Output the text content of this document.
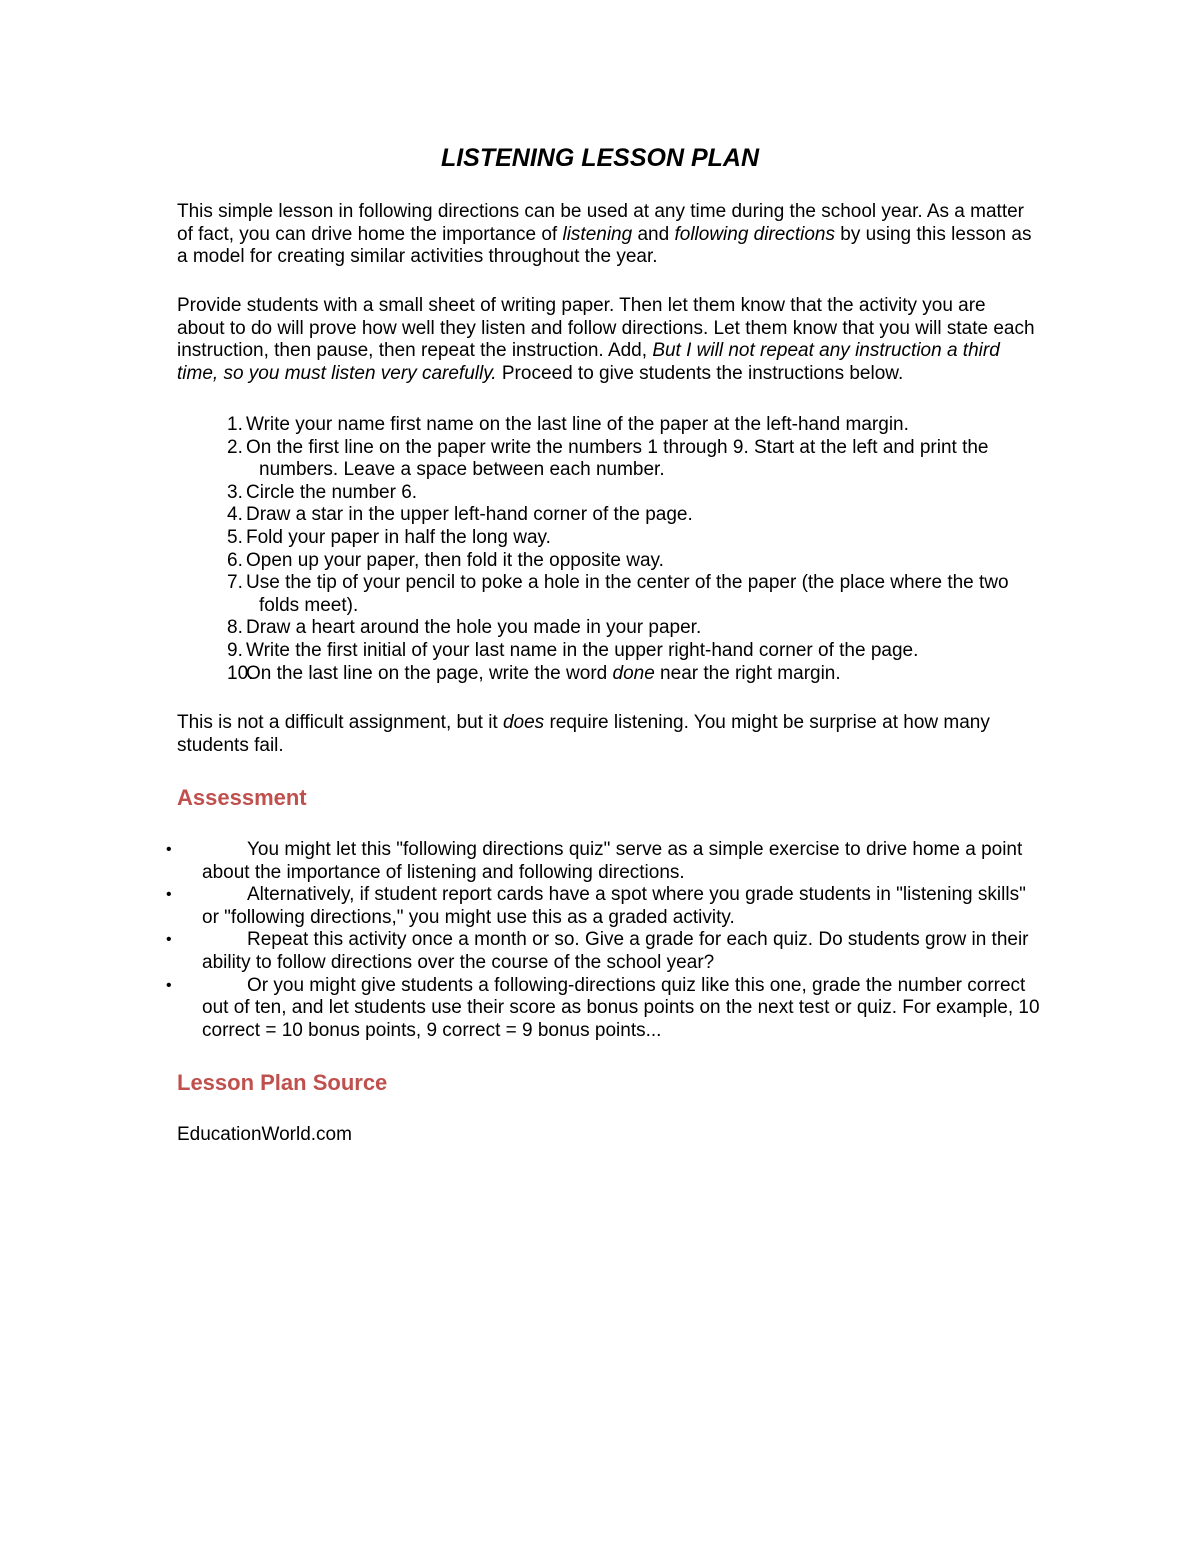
LISTENING LESSON PLAN

This simple lesson in following directions can be used at any time during the school year. As a matter of fact, you can drive home the importance of listening and following directions by using this lesson as a model for creating similar activities throughout the year.

Provide students with a small sheet of writing paper. Then let them know that the activity you are about to do will prove how well they listen and follow directions. Let them know that you will state each instruction, then pause, then repeat the instruction. Add, But I will not repeat any instruction a third time, so you must listen very carefully. Proceed to give students the instructions below.

1. Write your name first name on the last line of the paper at the left-hand margin.
2. On the first line on the paper write the numbers 1 through 9. Start at the left and print the numbers. Leave a space between each number.
3. Circle the number 6.
4. Draw a star in the upper left-hand corner of the page.
5. Fold your paper in half the long way.
6. Open up your paper, then fold it the opposite way.
7. Use the tip of your pencil to poke a hole in the center of the paper (the place where the two folds meet).
8. Draw a heart around the hole you made in your paper.
9. Write the first initial of your last name in the upper right-hand corner of the page.
10.
On the last line on the page, write the word done near the right margin.

This is not a difficult assignment, but it does require listening. You might be surprise at how many students fail.

Assessment
•	You might let this "following directions quiz" serve as a simple exercise to drive home a point about the importance of listening and following directions.
•	Alternatively, if student report cards have a spot where you grade students in "listening skills" or "following directions," you might use this as a graded activity.
•	Repeat this activity once a month or so. Give a grade for each quiz. Do students grow in their ability to follow directions over the course of the school year?
•	Or you might give students a following-directions quiz like this one, grade the number correct out of ten, and let students use their score as bonus points on the next test or quiz. For example, 10 correct = 10 bonus points, 9 correct = 9 bonus points...
Lesson Plan Source

EducationWorld.com
